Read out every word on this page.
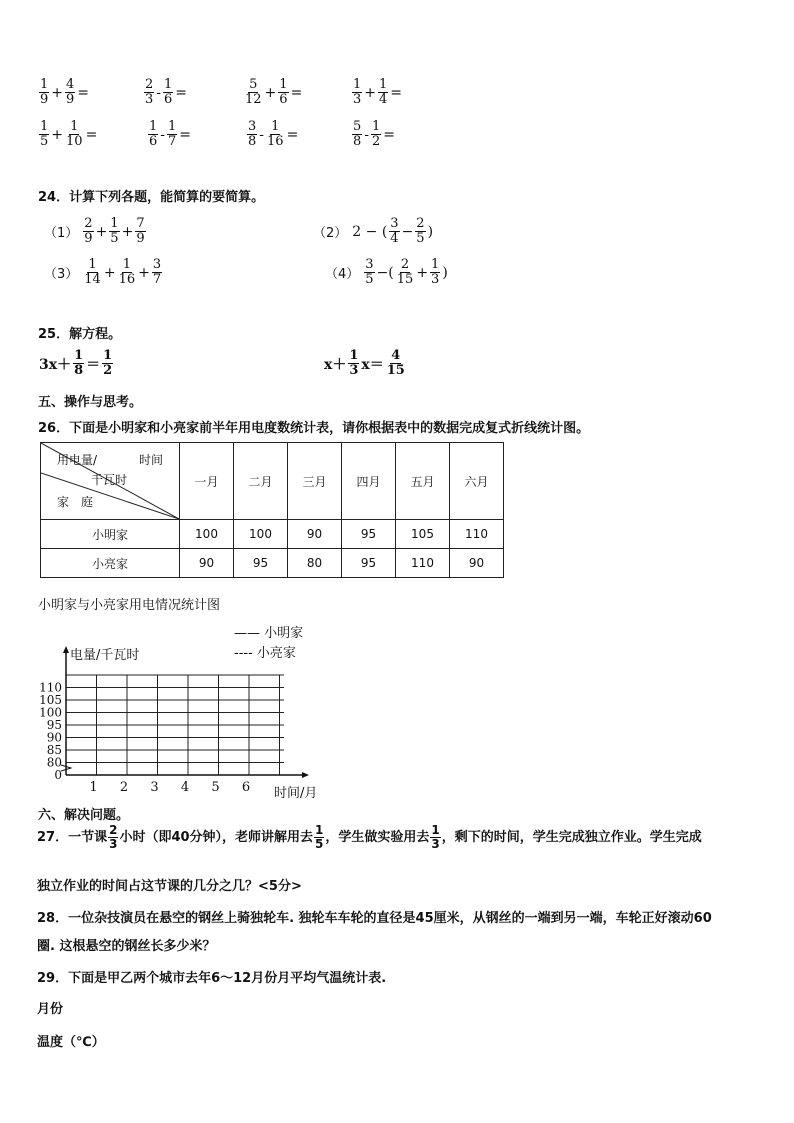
$\frac{1}{9} + \frac{4}{9}$ =	$\frac{2}{3} - \frac{1}{6}$ =	$\frac{5}{12} + \frac{1}{6}$ =	$\frac{1}{3} + \frac{1}{4}$ =
$\frac{1}{5} + \frac{1}{10}$ =	$\frac{1}{6} - \frac{1}{7}$ =	$\frac{3}{8} - \frac{1}{16}$ =	$\frac{5}{8} - \frac{1}{2}$ =
24．计算下列各题，能简算的要简算。
$(1) \frac{2}{9} + \frac{1}{5} + \frac{7}{9}$	（2） 2 − ( $\frac{3}{4} - \frac{2}{5}$ )
$(3) \frac{1}{14} + \frac{1}{16} + \frac{3}{7}$	$(4) \frac{3}{5}$ −( $\frac{2}{15} + \frac{1}{3}$ )
25．解方程。
$3x+ \frac{1}{8} = \frac{1}{2}$	$x+ \frac{1}{3} x= \frac{4}{15}$
五、操作与思考。
26．下面是小明家和小亮家前半年用电度数统计表，请你根据表中的数据完成复式折线统计图。
用电量/ 时间
千瓦时
家　庭	一月	二月	三月	四月	五月	六月
小明家	100	100	90	95	105	110
小亮家	90	95	80	95	110	90
小明家与小亮家用电情况统计图
0
80
85
90
95
100
105
110
1 2 3 4 5 6
电量/千瓦时
时间/月
—— 小明家
---- 小亮家
六、解决问题。
27．一节课 $\frac{2}{3}$ 小时（即40分钟），老师讲解用去 $\frac{1}{5}$ ，学生做实验用去 $\frac{1}{3}$ ，剩下的时间，学生完成独立作业。学生完成
独立作业的时间占这节课的几分之几？<5分>
28．一位杂技演员在悬空的钢丝上骑独轮车. 独轮车车轮的直径是45厘米，从钢丝的一端到另一端，车轮正好滚动60
圈. 这根悬空的钢丝长多少米？
29．下面是甲乙两个城市去年6～12月份月平均气温统计表.
月份
温度（℃）
